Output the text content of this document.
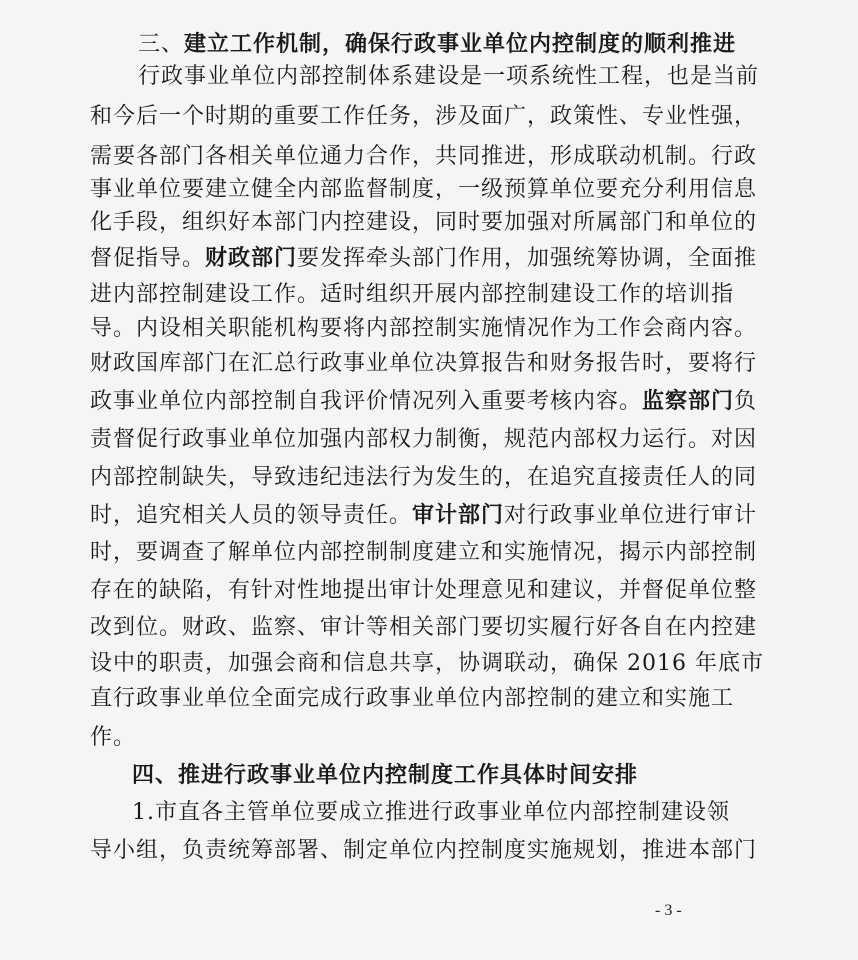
三、建立工作机制，确保行政事业单位内控制度的顺利推进
行政事业单位内部控制体系建设是一项系统性工程，也是当前
和今后一个时期的重要工作任务，涉及面广，政策性、专业性强，
需要各部门各相关单位通力合作，共同推进，形成联动机制。行政
事业单位要建立健全内部监督制度，一级预算单位要充分利用信息
化手段，组织好本部门内控建设，同时要加强对所属部门和单位的
督促指导。财政部门要发挥牵头部门作用，加强统筹协调，全面推
进内部控制建设工作。适时组织开展内部控制建设工作的培训指
导。内设相关职能机构要将内部控制实施情况作为工作会商内容。
财政国库部门在汇总行政事业单位决算报告和财务报告时，要将行
政事业单位内部控制自我评价情况列入重要考核内容。监察部门负
责督促行政事业单位加强内部权力制衡，规范内部权力运行。对因
内部控制缺失，导致违纪违法行为发生的，在追究直接责任人的同
时，追究相关人员的领导责任。审计部门对行政事业单位进行审计
时，要调查了解单位内部控制制度建立和实施情况，揭示内部控制
存在的缺陷，有针对性地提出审计处理意见和建议，并督促单位整
改到位。财政、监察、审计等相关部门要切实履行好各自在内控建
设中的职责，加强会商和信息共享，协调联动，确保 2016 年底市
直行政事业单位全面完成行政事业单位内部控制的建立和实施工
作。
四、推进行政事业单位内控制度工作具体时间安排
1.市直各主管单位要成立推进行政事业单位内部控制建设领
导小组，负责统筹部署、制定单位内控制度实施规划，推进本部门
- 3 -
